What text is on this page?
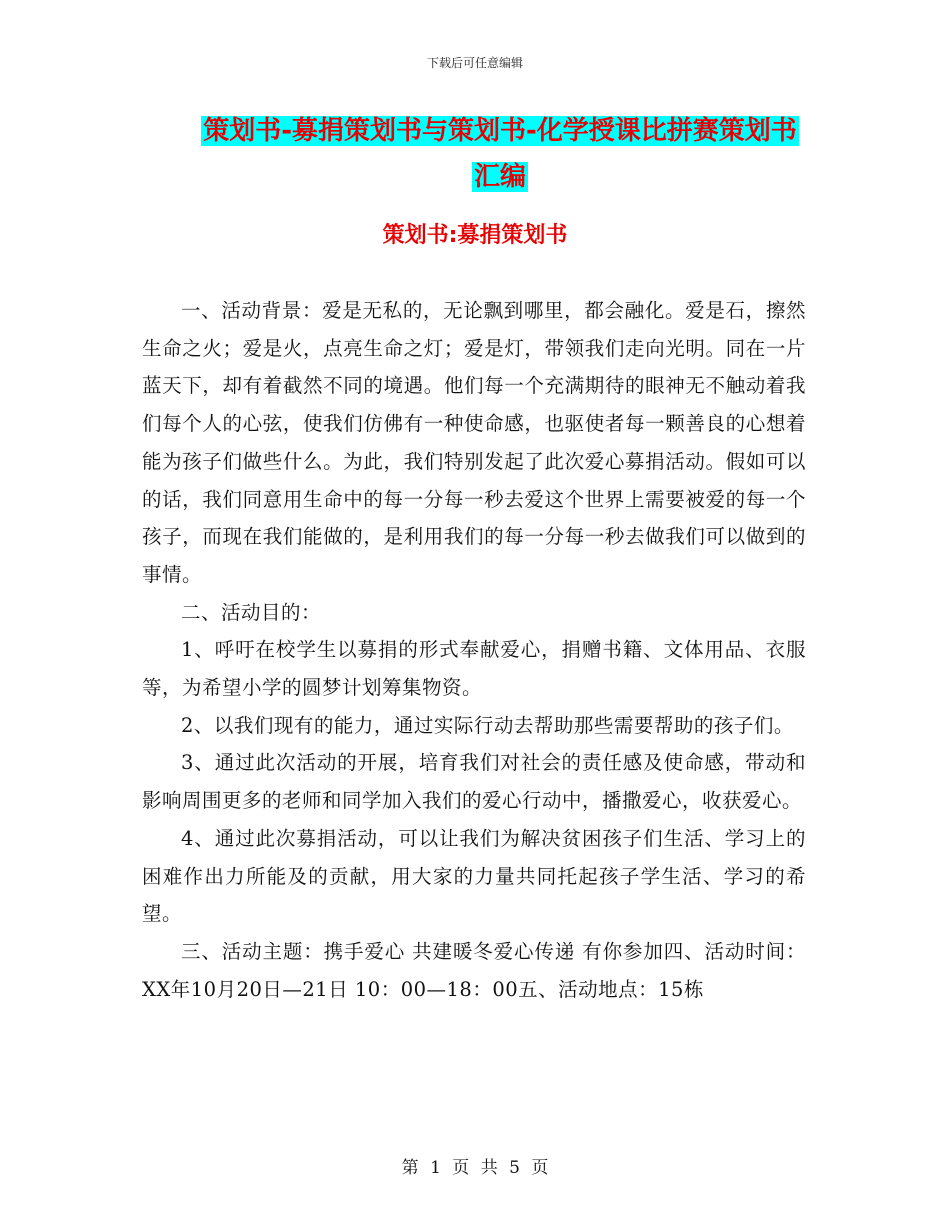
下载后可任意编辑
策划书-募捐策划书与策划书-化学授课比拼赛策划书
汇编
策划书:募捐策划书

一、活动背景：爱是无私的，无论飘到哪里，都会融化。爱是石，擦然生命之火；爱是火，点亮生命之灯；爱是灯，带领我们走向光明。同在一片蓝天下，却有着截然不同的境遇。他们每一个充满期待的眼神无不触动着我们每个人的心弦，使我们仿佛有一种使命感，也驱使者每一颗善良的心想着能为孩子们做些什么。为此，我们特别发起了此次爱心募捐活动。假如可以的话，我们同意用生命中的每一分每一秒去爱这个世界上需要被爱的每一个孩子，而现在我们能做的，是利用我们的每一分每一秒去做我们可以做到的事情。

二、活动目的：

1、呼吁在校学生以募捐的形式奉献爱心，捐赠书籍、文体用品、衣服等，为希望小学的圆梦计划筹集物资。

2、以我们现有的能力，通过实际行动去帮助那些需要帮助的孩子们。

3、通过此次活动的开展，培育我们对社会的责任感及使命感，带动和影响周围更多的老师和同学加入我们的爱心行动中，播撒爱心，收获爱心。

4、通过此次募捐活动，可以让我们为解决贫困孩子们生活、学习上的困难作出力所能及的贡献，用大家的力量共同托起孩子学生活、学习的希望。

三、活动主题：携手爱心 共建暖冬爱心传递 有你参加四、活动时间：XX年10月20日—21日 10：00—18：00五、活动地点：15栋

第 1 页 共 5 页
